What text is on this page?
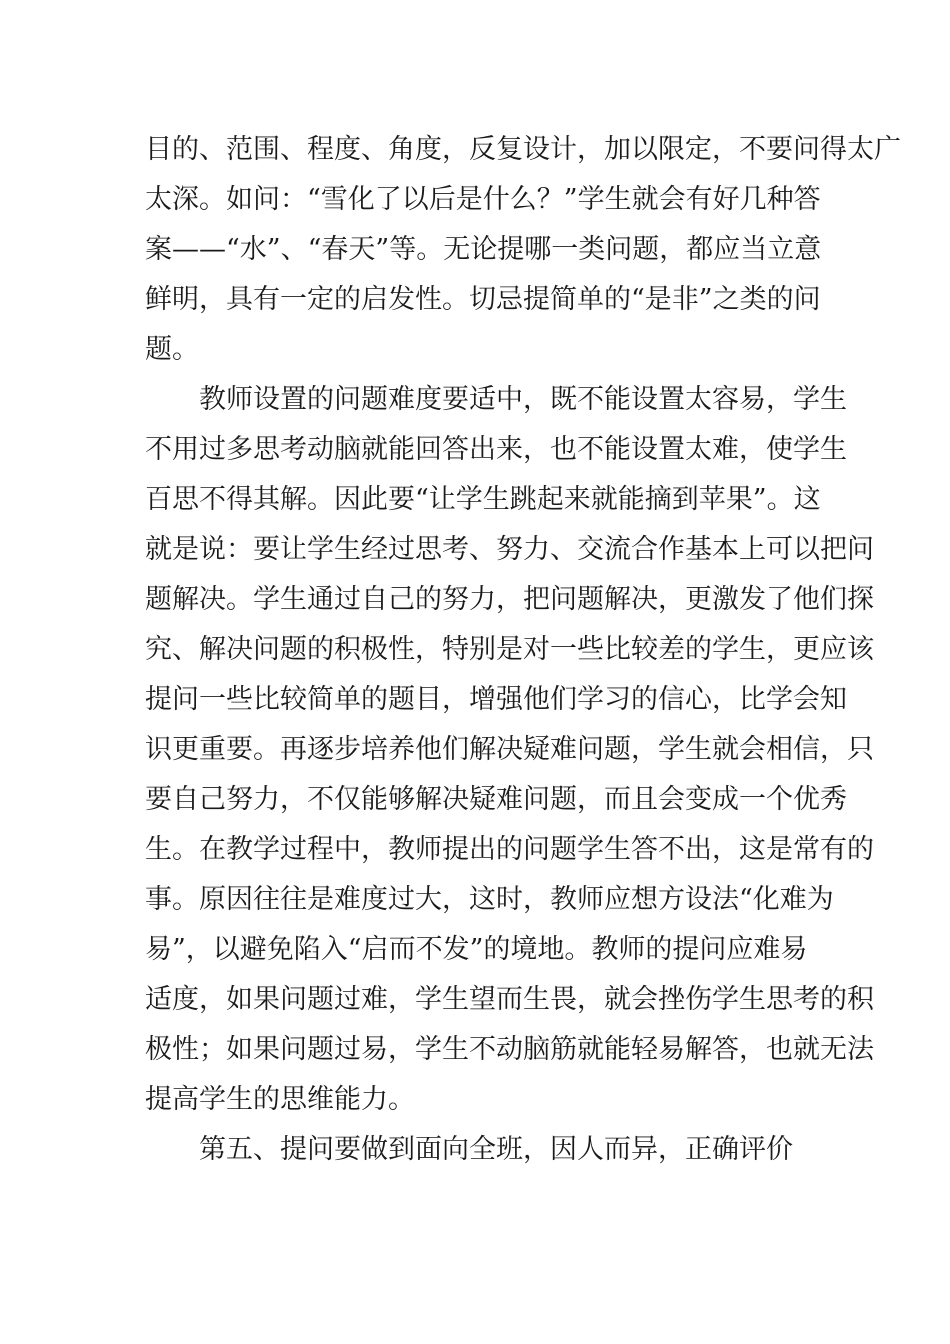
目的、范围、程度、角度，反复设计，加以限定，不要问得太广
太深。如问：“雪化了以后是什么？”学生就会有好几种答
案——“水”、“春天”等。无论提哪一类问题，都应当立意
鲜明，具有一定的启发性。切忌提简单的“是非”之类的问
题。
教师设置的问题难度要适中，既不能设置太容易，学生
不用过多思考动脑就能回答出来，也不能设置太难，使学生
百思不得其解。因此要“让学生跳起来就能摘到苹果”。这
就是说：要让学生经过思考、努力、交流合作基本上可以把问
题解决。学生通过自己的努力，把问题解决，更激发了他们探
究、解决问题的积极性，特别是对一些比较差的学生，更应该
提问一些比较简单的题目，增强他们学习的信心，比学会知
识更重要。再逐步培养他们解决疑难问题，学生就会相信，只
要自己努力，不仅能够解决疑难问题，而且会变成一个优秀
生。在教学过程中，教师提出的问题学生答不出，这是常有的
事。原因往往是难度过大，这时，教师应想方设法“化难为
易”，以避免陷入“启而不发”的境地。教师的提问应难易
适度，如果问题过难，学生望而生畏，就会挫伤学生思考的积
极性；如果问题过易，学生不动脑筋就能轻易解答，也就无法
提高学生的思维能力。
第五、提问要做到面向全班，因人而异，正确评价
